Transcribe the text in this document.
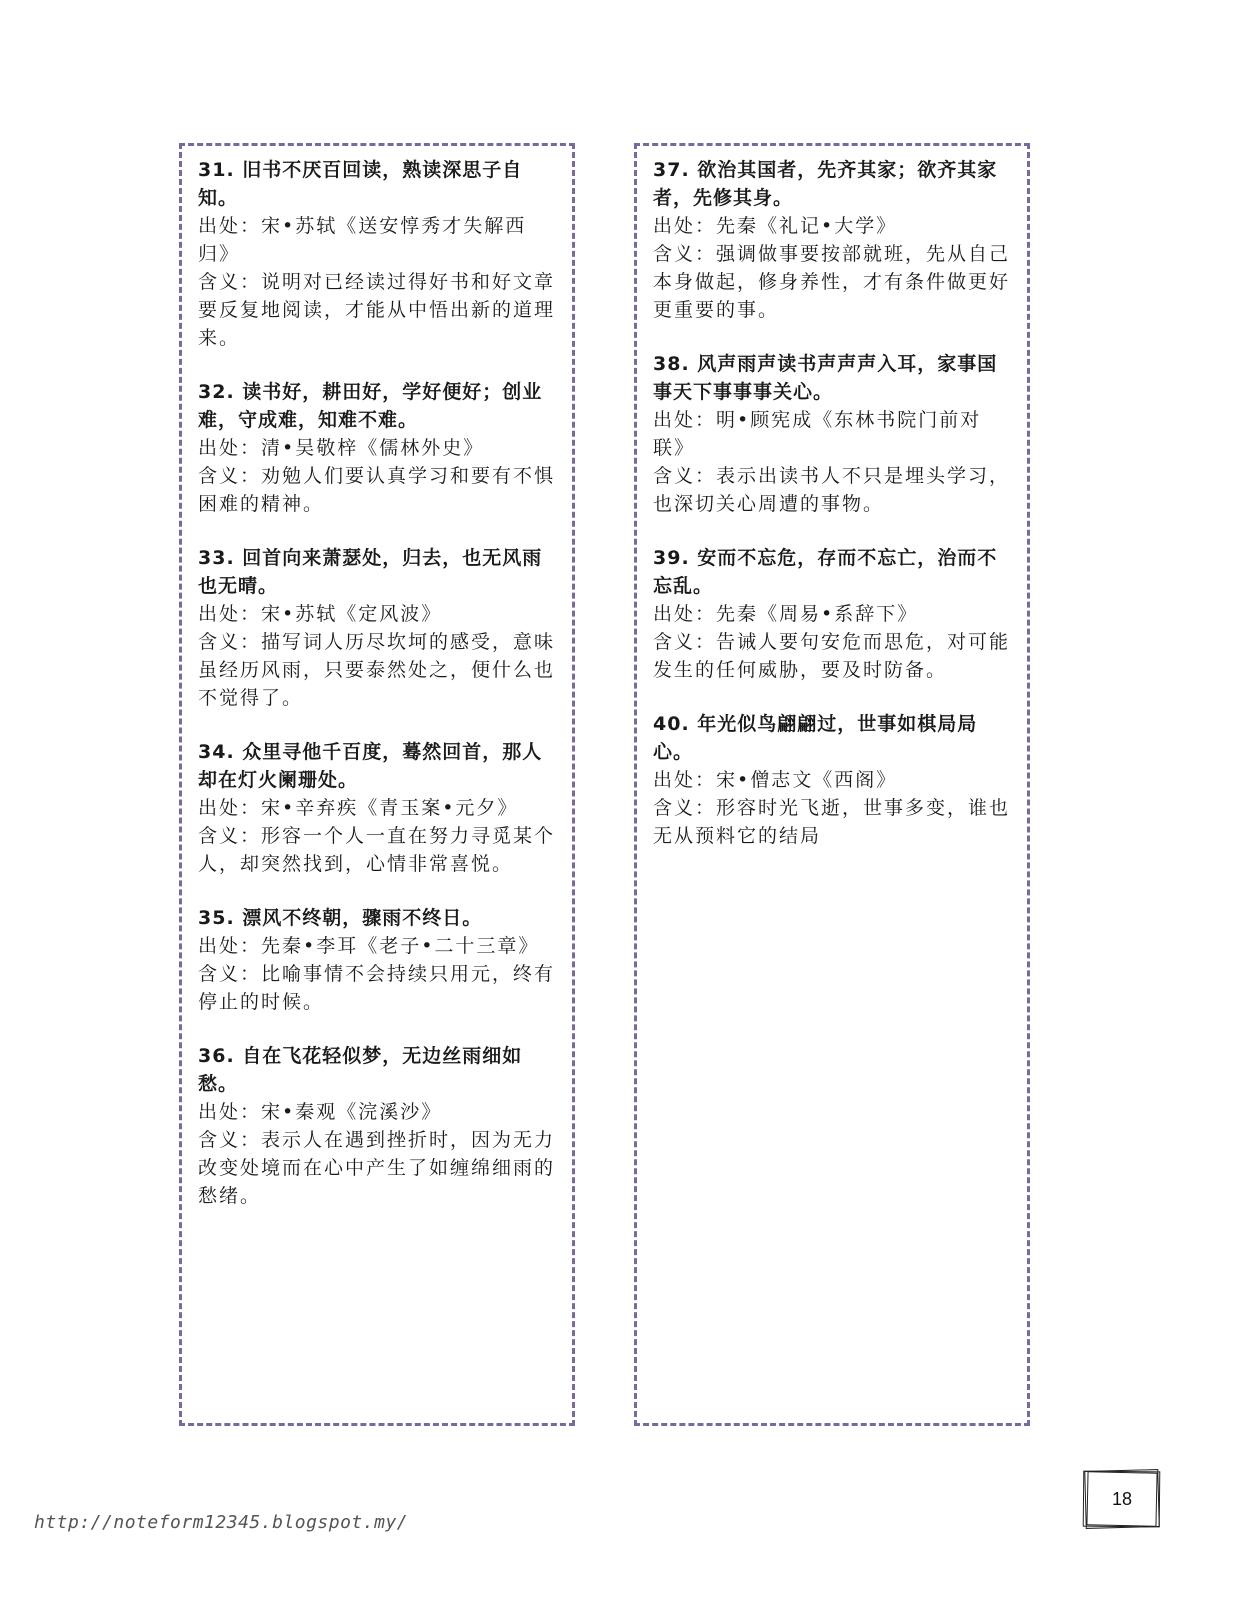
31. 旧书不厌百回读，熟读深思子自知。
出处：宋•苏轼《送安惇秀才失解西归》
含义：说明对已经读过得好书和好文章要反复地阅读，才能从中悟出新的道理来。
32. 读书好，耕田好，学好便好；创业难，守成难，知难不难。
出处：清•吴敬梓《儒林外史》
含义：劝勉人们要认真学习和要有不惧困难的精神。
33. 回首向来萧瑟处，归去，也无风雨也无晴。
出处：宋•苏轼《定风波》
含义：描写词人历尽坎坷的感受，意味虽经历风雨，只要泰然处之，便什么也不觉得了。
34. 众里寻他千百度，蓦然回首，那人却在灯火阑珊处。
出处：宋•辛弃疾《青玉案•元夕》
含义：形容一个人一直在努力寻觅某个人，却突然找到，心情非常喜悦。
35. 漂风不终朝，骤雨不终日。
出处：先秦•李耳《老子•二十三章》
含义：比喻事情不会持续只用元，终有停止的时候。
36. 自在飞花轻似梦，无边丝雨细如愁。
出处：宋•秦观《浣溪沙》
含义：表示人在遇到挫折时，因为无力改变处境而在心中产生了如缠绵细雨的愁绪。
37. 欲治其国者，先齐其家；欲齐其家者，先修其身。
出处：先秦《礼记•大学》
含义：强调做事要按部就班，先从自己本身做起，修身养性，才有条件做更好更重要的事。
38. 风声雨声读书声声声入耳，家事国事天下事事事关心。
出处：明•顾宪成《东林书院门前对联》
含义：表示出读书人不只是埋头学习，也深切关心周遭的事物。
39. 安而不忘危，存而不忘亡，治而不忘乱。
出处：先秦《周易•系辞下》
含义：告诫人要句安危而思危，对可能发生的任何威胁，要及时防备。
40. 年光似鸟翩翩过，世事如棋局局心。
出处：宋•僧志文《西阁》
含义：形容时光飞逝，世事多变，谁也无从预料它的结局
18
http://noteform12345.blogspot.my/
